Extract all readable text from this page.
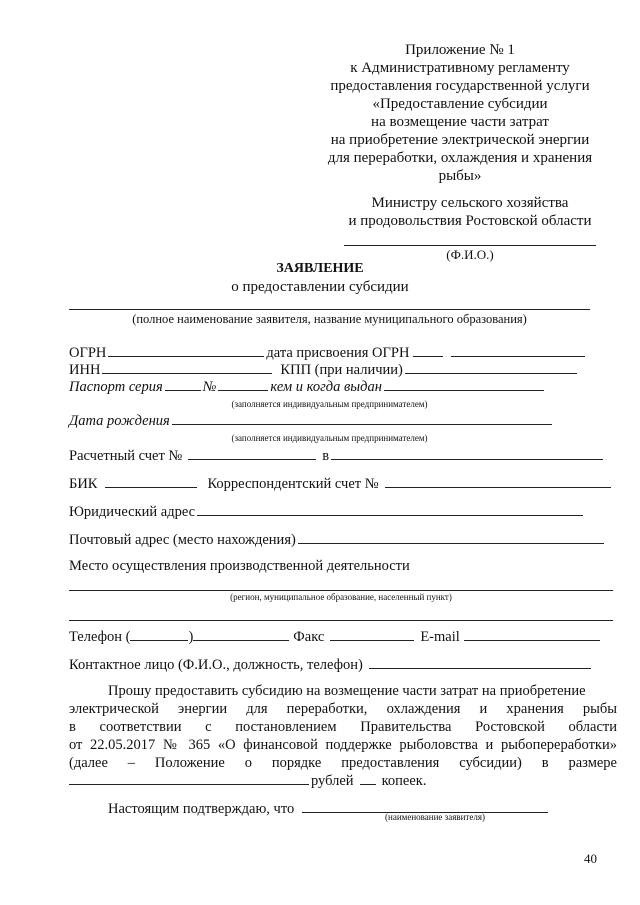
Приложение № 1
к Административному регламенту
предоставления государственной услуги
«Предоставление субсидии
на возмещение части затрат
на приобретение электрической энергии
для переработки, охлаждения и хранения
рыбы»
Министру сельского хозяйства
и продовольствия Ростовской области
(Ф.И.О.)
ЗАЯВЛЕНИЕ
о предоставлении субсидии
(полное наименование заявителя, название муниципального образования)
ОГРН	дата присвоения ОГРН
ИНН	КПП (при наличии)
Паспорт серия	№	кем и когда выдан
(заполняется индивидуальным предпринимателем)
Дата рождения
(заполняется индивидуальным предпринимателем)
Расчетный счет №	в
БИК	Корреспондентский счет №
Юридический адрес
Почтовый адрес (место нахождения)
Место осуществления производственной деятельности
(регион, муниципальное образование, населенный пункт)
Телефон (	)	Факс	E-mail
Контактное лицо (Ф.И.О., должность, телефон)
Прошу предоставить субсидию на возмещение части затрат на приобретение
электрической энергии для переработки, охлаждения и хранения рыбы
в соответствии с постановлением Правительства Ростовской области
от 22.05.2017 № 365 «О финансовой поддержке рыболовства и рыбопереработки»
(далее – Положение о порядке предоставления субсидии) в размере
рублей копеек.
Настоящим подтверждаю, что	(наименование заявителя)
40
